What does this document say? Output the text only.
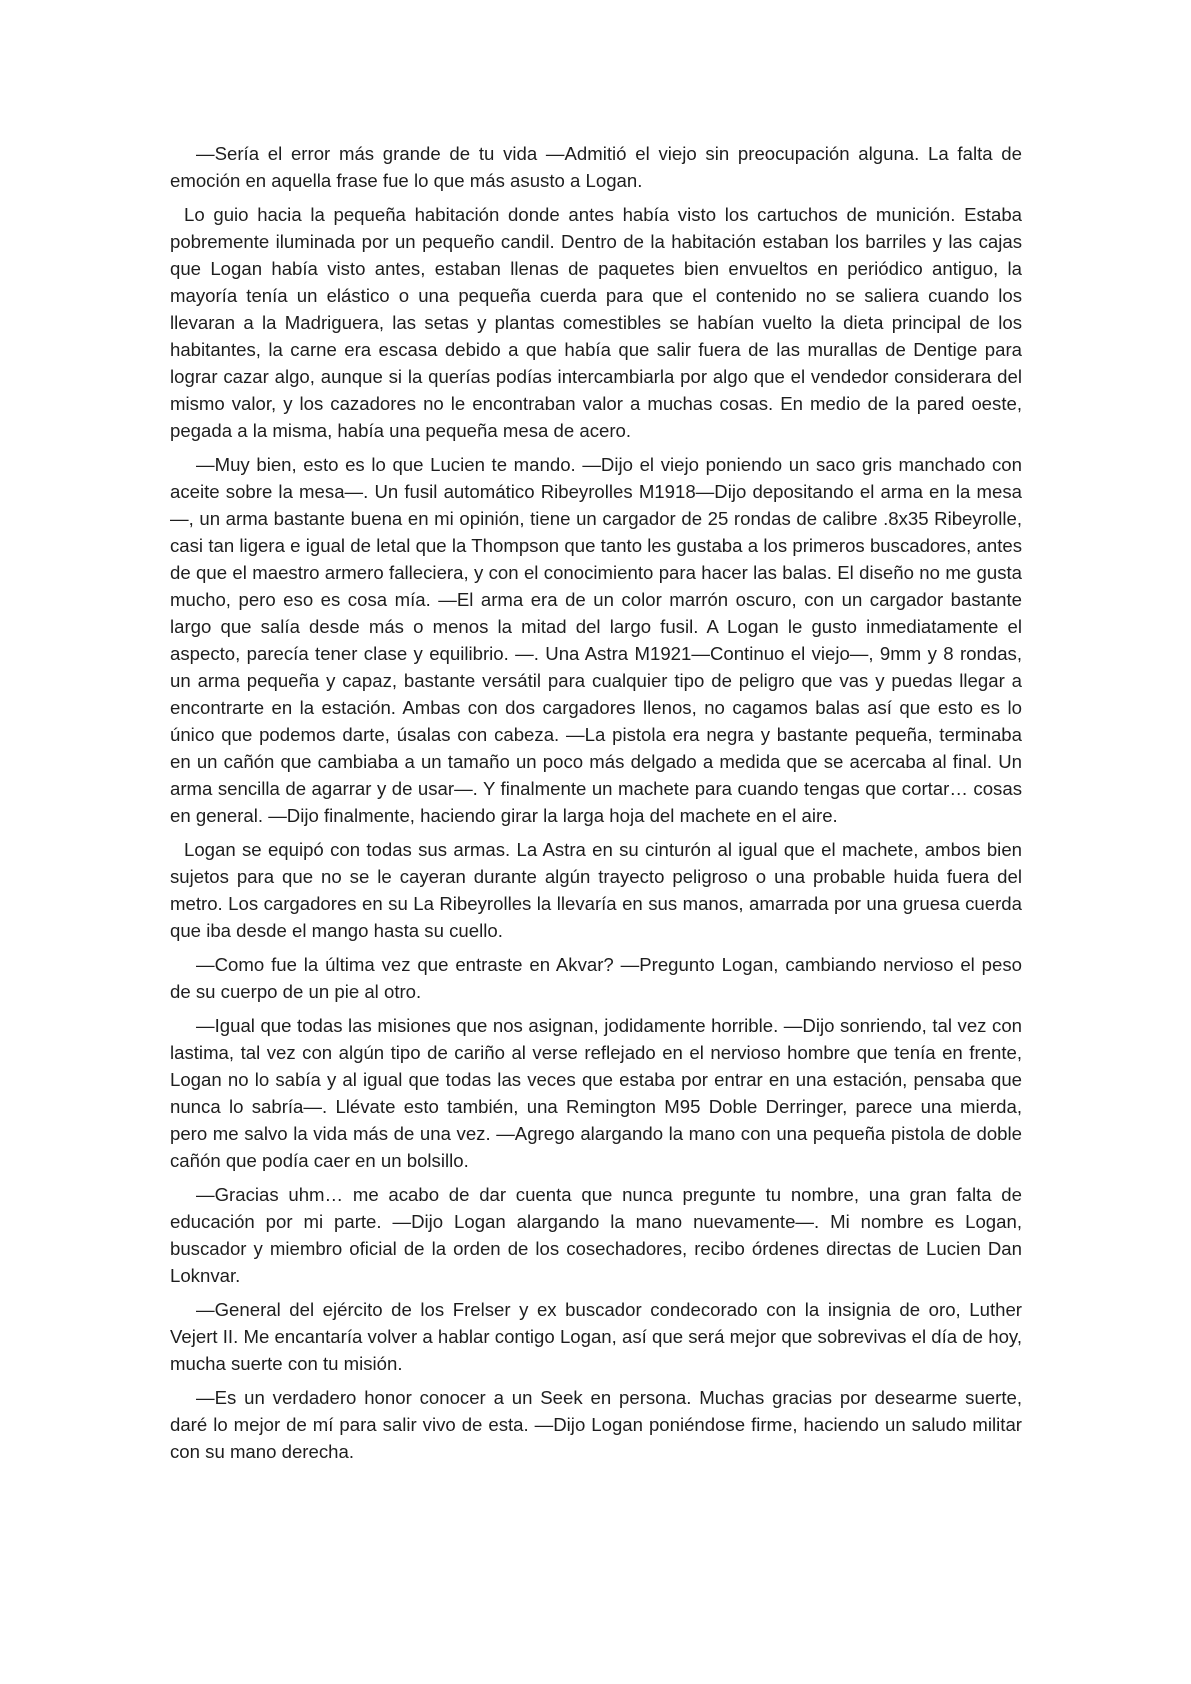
—Sería el error más grande de tu vida —Admitió el viejo sin preocupación alguna. La falta de emoción en aquella frase fue lo que más asusto a Logan.

Lo guio hacia la pequeña habitación donde antes había visto los cartuchos de munición. Estaba pobremente iluminada por un pequeño candil. Dentro de la habitación estaban los barriles y las cajas que Logan había visto antes, estaban llenas de paquetes bien envueltos en periódico antiguo, la mayoría tenía un elástico o una pequeña cuerda para que el contenido no se saliera cuando los llevaran a la Madriguera, las setas y plantas comestibles se habían vuelto la dieta principal de los habitantes, la carne era escasa debido a que había que salir fuera de las murallas de Dentige para lograr cazar algo, aunque si la querías podías intercambiarla por algo que el vendedor considerara del mismo valor, y los cazadores no le encontraban valor a muchas cosas. En medio de la pared oeste, pegada a la misma, había una pequeña mesa de acero.

—Muy bien, esto es lo que Lucien te mando. —Dijo el viejo poniendo un saco gris manchado con aceite sobre la mesa—. Un fusil automático Ribeyrolles M1918—Dijo depositando el arma en la mesa—, un arma bastante buena en mi opinión, tiene un cargador de 25 rondas de calibre .8x35 Ribeyrolle, casi tan ligera e igual de letal que la Thompson que tanto les gustaba a los primeros buscadores, antes de que el maestro armero falleciera, y con el conocimiento para hacer las balas. El diseño no me gusta mucho, pero eso es cosa mía. —El arma era de un color marrón oscuro, con un cargador bastante largo que salía desde más o menos la mitad del largo fusil. A Logan le gusto inmediatamente el aspecto, parecía tener clase y equilibrio. —. Una Astra M1921—Continuo el viejo—, 9mm y 8 rondas, un arma pequeña y capaz, bastante versátil para cualquier tipo de peligro que vas y puedas llegar a encontrarte en la estación. Ambas con dos cargadores llenos, no cagamos balas así que esto es lo único que podemos darte, úsalas con cabeza. —La pistola era negra y bastante pequeña, terminaba en un cañón que cambiaba a un tamaño un poco más delgado a medida que se acercaba al final. Un arma sencilla de agarrar y de usar—. Y finalmente un machete para cuando tengas que cortar… cosas en general. —Dijo finalmente, haciendo girar la larga hoja del machete en el aire.

Logan se equipó con todas sus armas. La Astra en su cinturón al igual que el machete, ambos bien sujetos para que no se le cayeran durante algún trayecto peligroso o una probable huida fuera del metro. Los cargadores en su La Ribeyrolles la llevaría en sus manos, amarrada por una gruesa cuerda que iba desde el mango hasta su cuello.

—Como fue la última vez que entraste en Akvar? —Pregunto Logan, cambiando nervioso el peso de su cuerpo de un pie al otro.

—Igual que todas las misiones que nos asignan, jodidamente horrible. —Dijo sonriendo, tal vez con lastima, tal vez con algún tipo de cariño al verse reflejado en el nervioso hombre que tenía en frente, Logan no lo sabía y al igual que todas las veces que estaba por entrar en una estación, pensaba que nunca lo sabría—. Llévate esto también, una Remington M95 Doble Derringer, parece una mierda, pero me salvo la vida más de una vez. —Agrego alargando la mano con una pequeña pistola de doble cañón que podía caer en un bolsillo.

—Gracias uhm… me acabo de dar cuenta que nunca pregunte tu nombre, una gran falta de educación por mi parte. —Dijo Logan alargando la mano nuevamente—. Mi nombre es Logan, buscador y miembro oficial de la orden de los cosechadores, recibo órdenes directas de Lucien Dan Loknvar.

—General del ejército de los Frelser y ex buscador condecorado con la insignia de oro, Luther Vejert II. Me encantaría volver a hablar contigo Logan, así que será mejor que sobrevivas el día de hoy, mucha suerte con tu misión.

—Es un verdadero honor conocer a un Seek en persona. Muchas gracias por desearme suerte, daré lo mejor de mí para salir vivo de esta. —Dijo Logan poniéndose firme, haciendo un saludo militar con su mano derecha.
